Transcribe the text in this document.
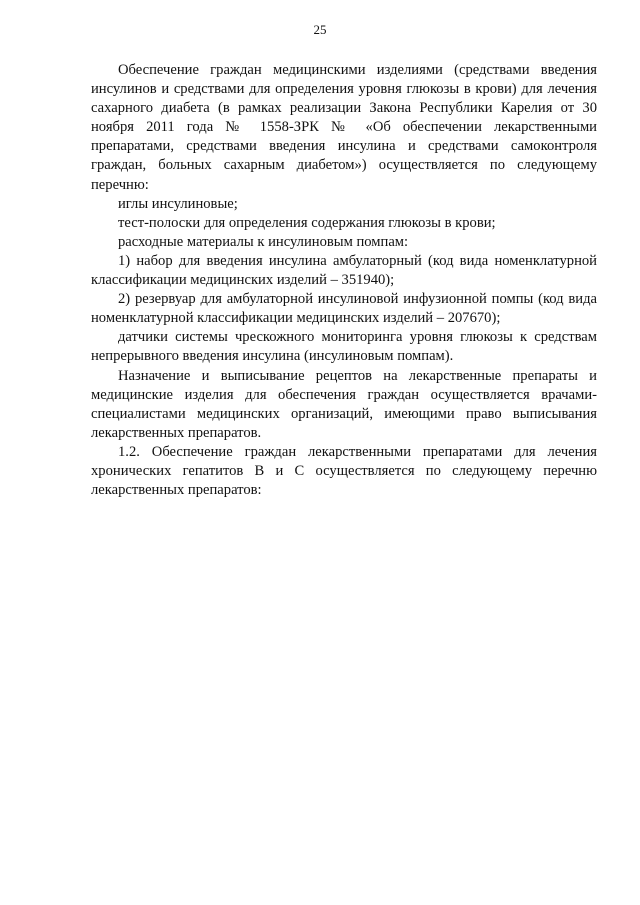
25

Обеспечение граждан медицинскими изделиями (средствами введения инсулинов и средствами для определения уровня глюкозы в крови) для лечения сахарного диабета (в рамках реализации Закона Республики Карелия от 30 ноября 2011 года № 1558-ЗРК № «Об обеспечении лекарственными препаратами, средствами введения инсулина и средствами самоконтроля граждан, больных сахарным диабетом») осуществляется по следующему перечню:

иглы инсулиновые;

тест-полоски для определения содержания глюкозы в крови;

расходные материалы к инсулиновым помпам:

1) набор для введения инсулина амбулаторный (код вида номенклатурной классификации медицинских изделий – 351940);

2) резервуар для амбулаторной инсулиновой инфузионной помпы (код вида номенклатурной классификации медицинских изделий – 207670);

датчики системы чрескожного мониторинга уровня глюкозы к средствам непрерывного введения инсулина (инсулиновым помпам).

Назначение и выписывание рецептов на лекарственные препараты и медицинские изделия для обеспечения граждан осуществляется врачами-специалистами медицинских организаций, имеющими право выписывания лекарственных препаратов.

1.2. Обеспечение граждан лекарственными препаратами для лечения хронических гепатитов B и C осуществляется по следующему перечню лекарственных препаратов:
